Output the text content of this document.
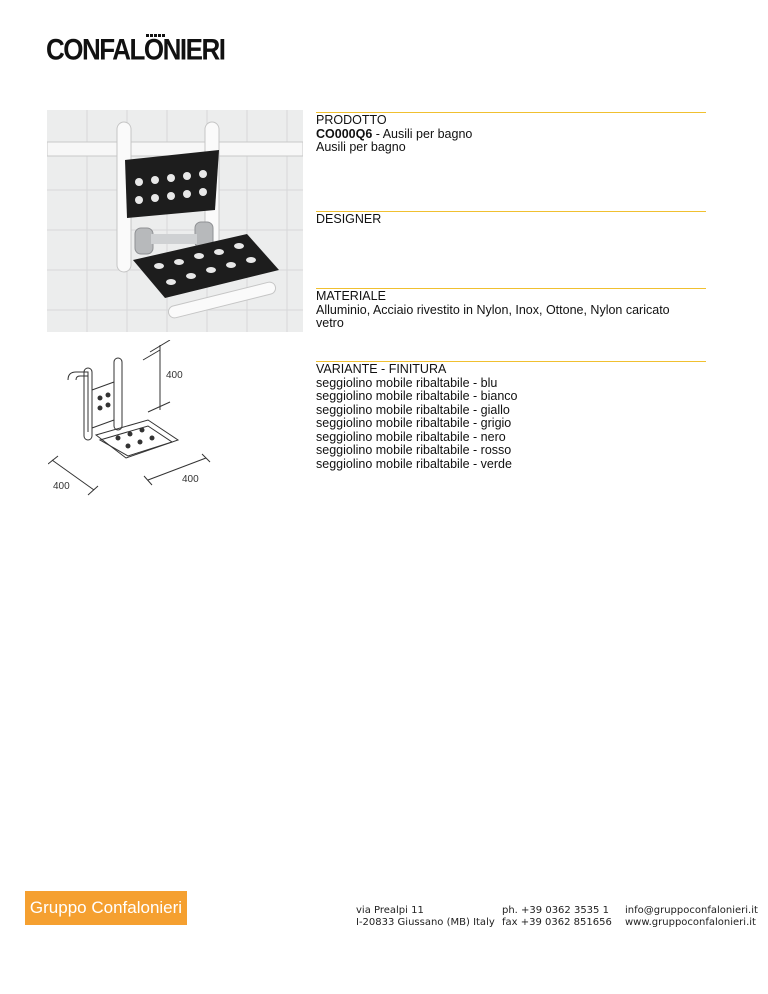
CONFALONIERI
400
400
400
PRODOTTO
CO000Q6 - Ausili per bagno
Ausili per bagno
DESIGNER
MATERIALE
Alluminio, Acciaio rivestito in Nylon, Inox, Ottone, Nylon caricato
vetro
VARIANTE - FINITURA
seggiolino mobile ribaltabile - blu
seggiolino mobile ribaltabile - bianco
seggiolino mobile ribaltabile - giallo
seggiolino mobile ribaltabile - grigio
seggiolino mobile ribaltabile - nero
seggiolino mobile ribaltabile - rosso
seggiolino mobile ribaltabile - verde
Gruppo Confalonieri	via Prealpi 11
I-20833 Giussano (MB) Italy
ph. +39 0362 3535 1
fax +39 0362 851656
info@gruppoconfalonieri.it
www.gruppoconfalonieri.it
